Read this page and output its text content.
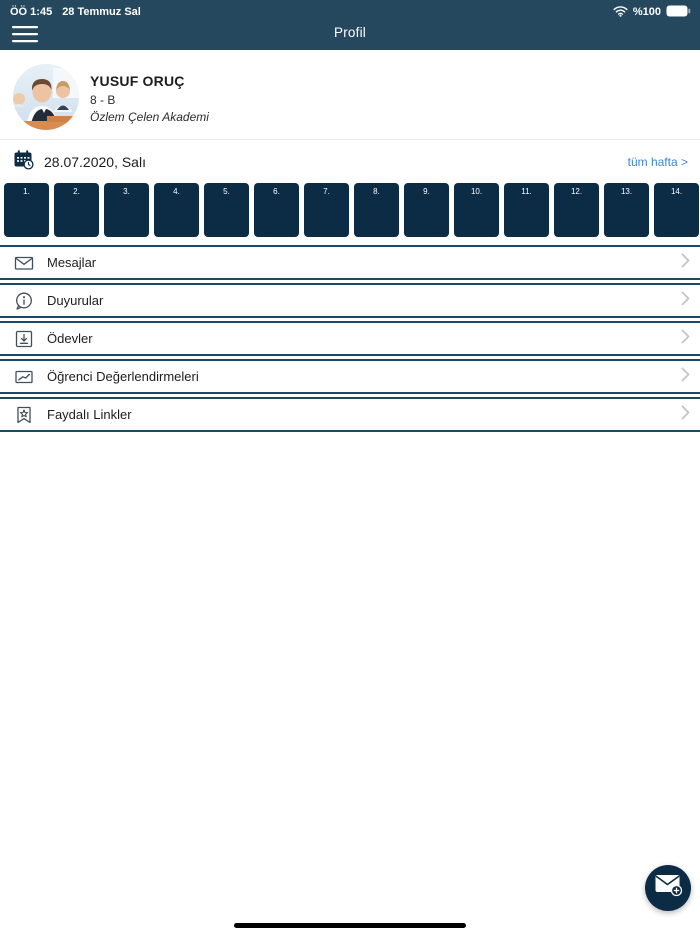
ÖÖ 1:45 28 Temmuz Sal	%100
Profil
YUSUF ORUÇ
8 - B
Özlem Çelen Akademi
28.07.2020, Salı	tüm hafta >
1.	2.	3.	4.	5.	6.	7.	8.	9.	10.	11.	12.	13.	14.
Mesajlar
Duyurular
Ödevler
Öğrenci Değerlendirmeleri
Faydalı Linkler
